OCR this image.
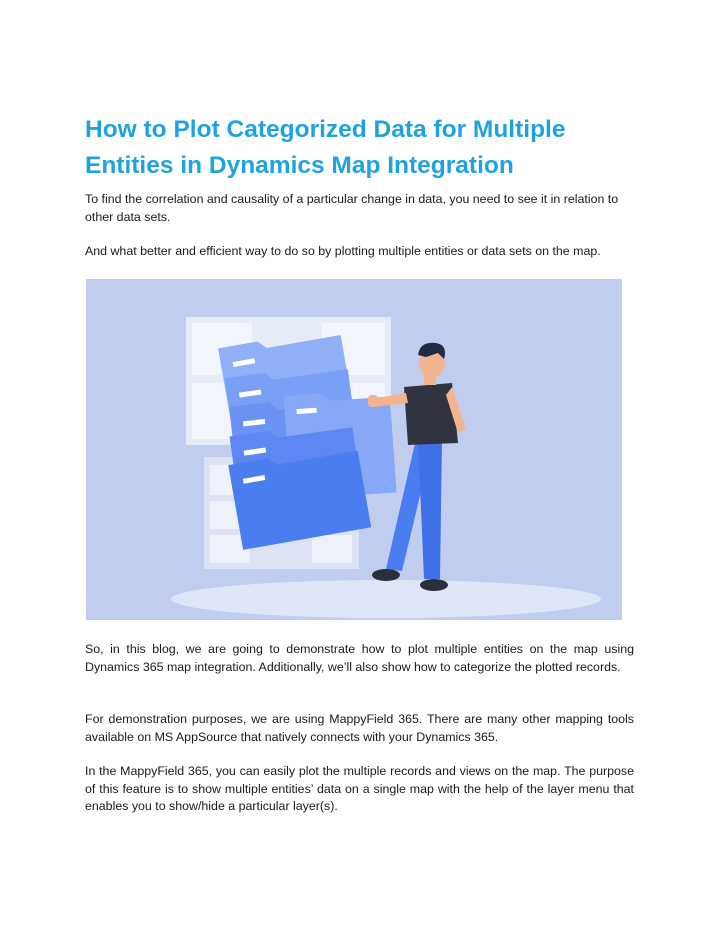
How to Plot Categorized Data for Multiple Entities in Dynamics Map Integration

To find the correlation and causality of a particular change in data, you need to see it in relation to other data sets.

And what better and efficient way to do so by plotting multiple entities or data sets on the map.

So, in this blog, we are going to demonstrate how to plot multiple entities on the map using Dynamics 365 map integration. Additionally, we’ll also show how to categorize the plotted records.

For demonstration purposes, we are using MappyField 365. There are many other mapping tools available on MS AppSource that natively connects with your Dynamics 365.

In the MappyField 365, you can easily plot the multiple records and views on the map. The purpose of this feature is to show multiple entities’ data on a single map with the help of the layer menu that enables you to show/hide a particular layer(s).
